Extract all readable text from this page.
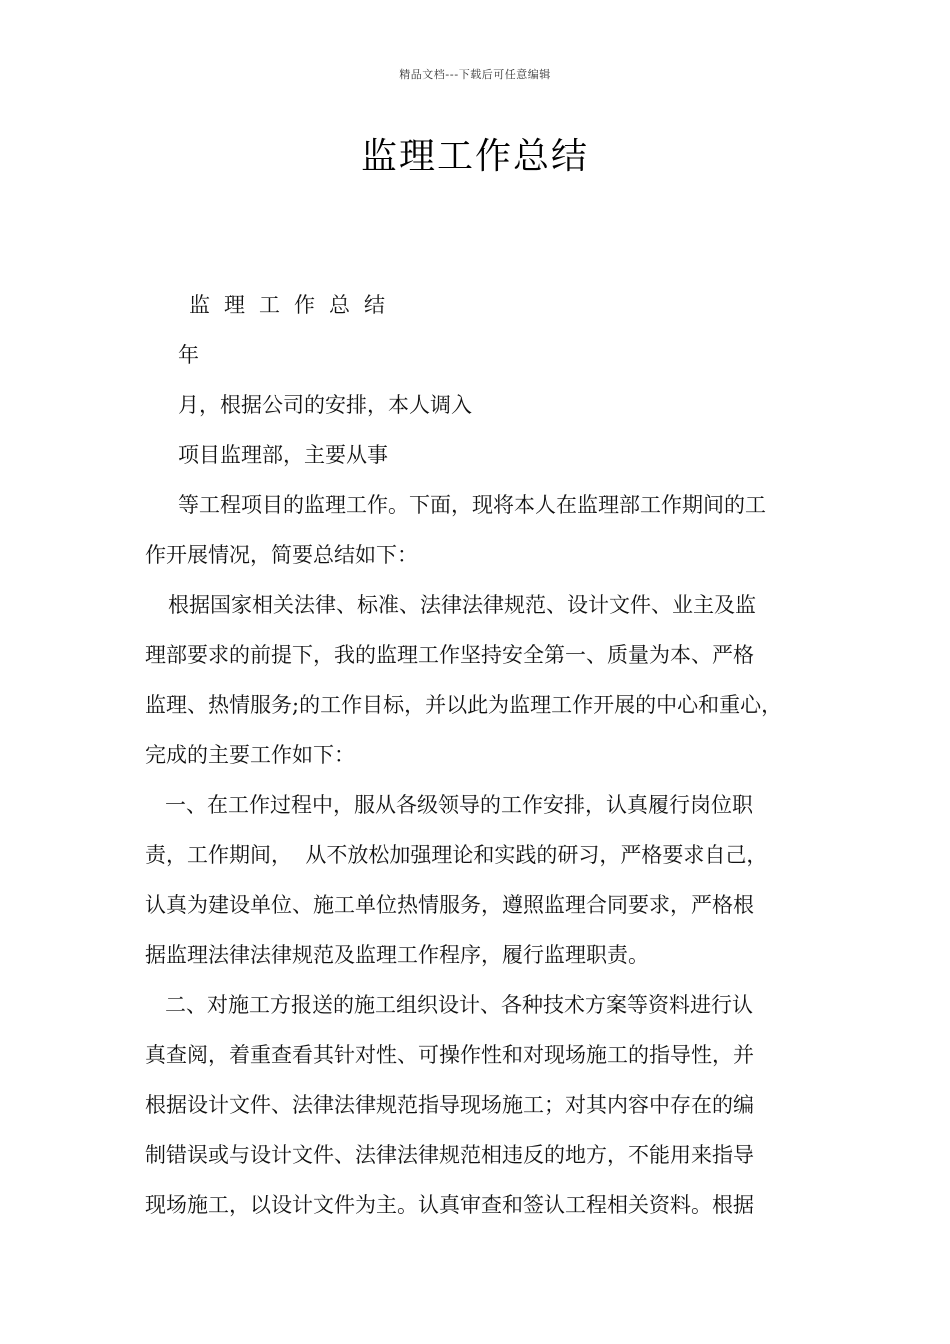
精品文档---下载后可任意编辑
监理工作总结
监理工作总结
年
月，根据公司的安排，本人调入
项目监理部，主要从事
等工程项目的监理工作。下面，现将本人在监理部工作期间的工
作开展情况，简要总结如下：
根据国家相关法律、标准、法律法律规范、设计文件、业主及监
理部要求的前提下，我的监理工作坚持安全第一、质量为本、严格
监理、热情服务;的工作目标，并以此为监理工作开展的中心和重心，
完成的主要工作如下：
一、在工作过程中，服从各级领导的工作安排，认真履行岗位职
责，工作期间，  从不放松加强理论和实践的研习，严格要求自己，
认真为建设单位、施工单位热情服务，遵照监理合同要求，严格根
据监理法律法律规范及监理工作程序，履行监理职责。
二、对施工方报送的施工组织设计、各种技术方案等资料进行认
真查阅，着重查看其针对性、可操作性和对现场施工的指导性，并
根据设计文件、法律法律规范指导现场施工；对其内容中存在的编
制错误或与设计文件、法律法律规范相违反的地方，不能用来指导
现场施工，以设计文件为主。认真审查和签认工程相关资料。根据
